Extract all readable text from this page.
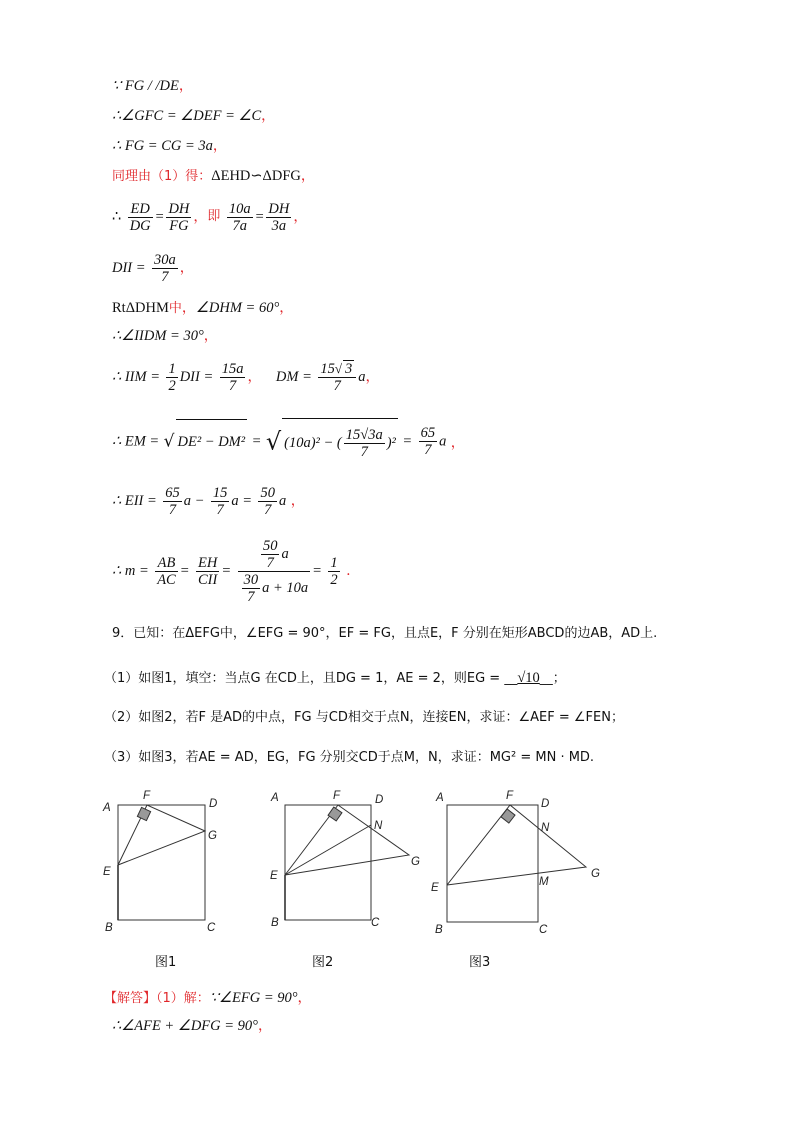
∵ FG / /DE，
∴∠GFC = ∠DEF = ∠C，
∴ FG = CG = 3a，
同理由（1）得：ΔEHD∽ΔDFG，
∴ $\frac{ED}{DG} = \frac{DH}{FG}$ ，即 $\frac{10a}{7a} = \frac{DH}{3a}$ ，
DII = $\frac{30a}{7}$ ，
RtΔDHM中，∠DHM = 60°，
∴∠IIDM = 30°，
∴ IIM = $\frac{1}{2}$ DII = $\frac{15a}{7}$ ， DM = $\frac{15√ 3}{7}$ a，
∴ EM = √ DE² − DM² = √ (10a)² − ( $\frac{15√3a}{7} )^2 = \frac{65}{7}$ a ，
∴ EII = $\frac{65}{7}$ $a - \frac{15}{7}$ $a = \frac{50}{7}$ a ，
∴ $m = \frac{AB}{AC} = \frac{EH}{\text{CII}} = \frac{\frac{50}{7} a}{\frac{30}{7} a + 10a} = \frac{1}{2}$ .
9．已知：在ΔEFG中，∠EFG = 90°，EF = FG，且点E，F 分别在矩形ABCD的边AB，AD上.
（1）如图1，填空：当点G 在CD上，且DG = 1，AE = 2，则EG = __√10__；
（2）如图2，若F 是AD的中点，FG 与CD相交于点N，连接EN，求证：∠AEF = ∠FEN；
（3）如图3，若AE = AD，EG，FG 分别交CD于点M，N，求证：MG² = MN · MD.
A
F
D
G
E
B	C
A	F	D
N
G
E
B	C
A	F
D
N
M
G
E
B	C
图1	图2	图3
【解答】（1）解：∵∠EFG = 90°，
∴∠AFE + ∠DFG = 90°，
